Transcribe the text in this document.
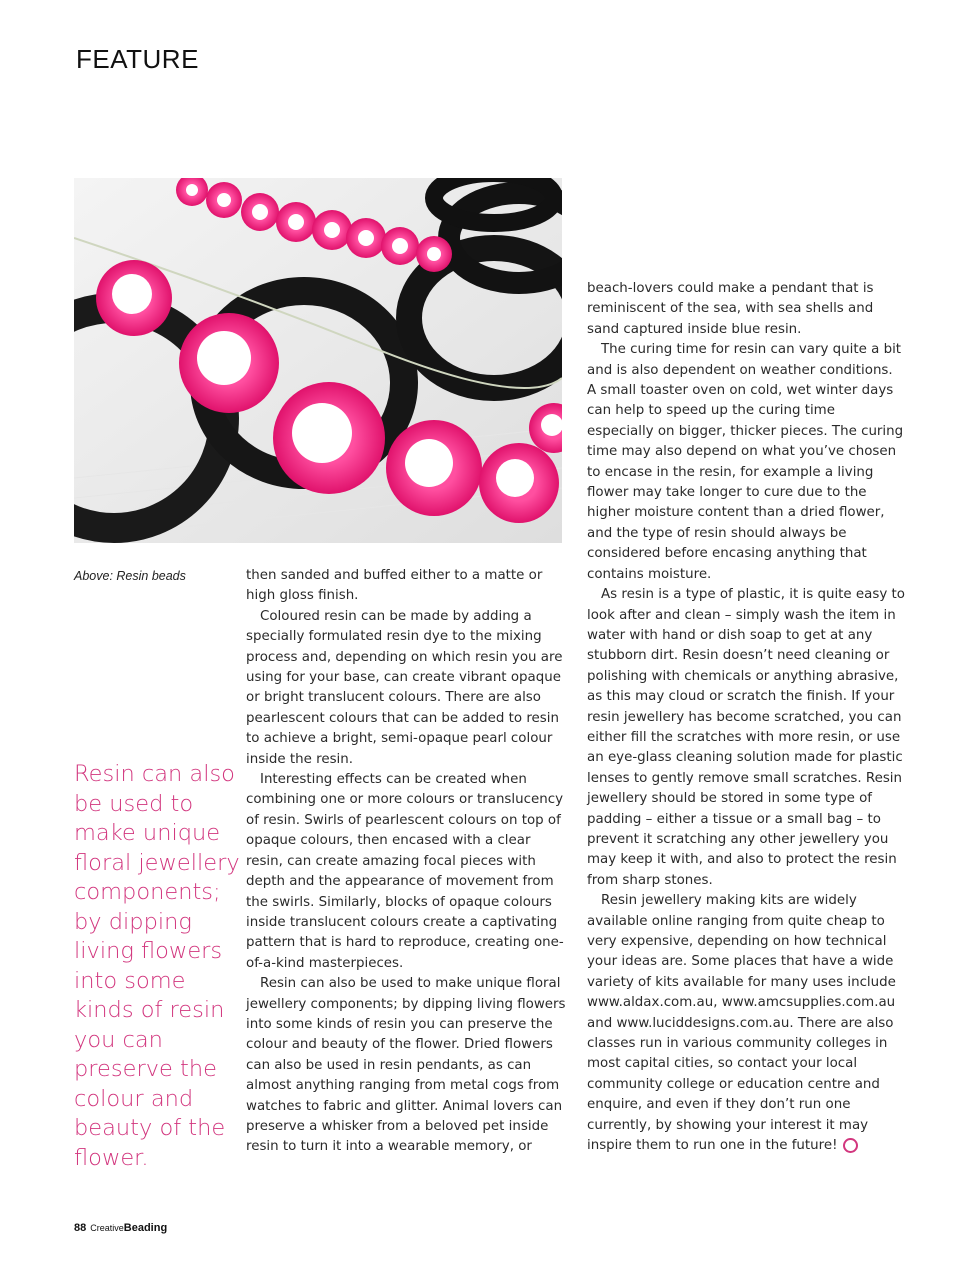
FEATURE
Above: Resin beads
Resin can also be used to make unique floral jewellery components; by dipping living flowers into some kinds of resin you can preserve the colour and beauty of the flower.

then sanded and buffed either to a matte or high gloss finish.

Coloured resin can be made by adding a specially formulated resin dye to the mixing process and, depending on which resin you are using for your base, can create vibrant opaque or bright translucent colours. There are also pearlescent colours that can be added to resin to achieve a bright, semi-opaque pearl colour inside the resin.

Interesting effects can be created when combining one or more colours or translucency of resin. Swirls of pearlescent colours on top of opaque colours, then encased with a clear resin, can create amazing focal pieces with depth and the appearance of movement from the swirls. Similarly, blocks of opaque colours inside translucent colours create a captivating pattern that is hard to reproduce, creating one-of-a-kind masterpieces.

Resin can also be used to make unique floral jewellery components; by dipping living flowers into some kinds of resin you can preserve the colour and beauty of the flower. Dried flowers can also be used in resin pendants, as can almost anything ranging from metal cogs from watches to fabric and glitter. Animal lovers can preserve a whisker from a beloved pet inside resin to turn it into a wearable memory, or

beach-lovers could make a pendant that is reminiscent of the sea, with sea shells and sand captured inside blue resin.

The curing time for resin can vary quite a bit and is also dependent on weather conditions. A small toaster oven on cold, wet winter days can help to speed up the curing time especially on bigger, thicker pieces. The curing time may also depend on what you’ve chosen to encase in the resin, for example a living flower may take longer to cure due to the higher moisture content than a dried flower, and the type of resin should always be considered before encasing anything that contains moisture.

As resin is a type of plastic, it is quite easy to look after and clean – simply wash the item in water with hand or dish soap to get at any stubborn dirt. Resin doesn’t need cleaning or polishing with chemicals or anything abrasive, as this may cloud or scratch the finish. If your resin jewellery has become scratched, you can either fill the scratches with more resin, or use an eye-glass cleaning solution made for plastic lenses to gently remove small scratches. Resin jewellery should be stored in some type of padding – either a tissue or a small bag – to prevent it scratching any other jewellery you may keep it with, and also to protect the resin from sharp stones.

Resin jewellery making kits are widely available online ranging from quite cheap to very expensive, depending on how technical your ideas are. Some places that have a wide variety of kits available for many uses include www.aldax.com.au, www.amcsupplies.com.au and www.luciddesigns.com.au. There are also classes run in various community colleges in most capital cities, so contact your local community college or education centre and enquire, and even if they don’t run one currently, by showing your interest it may inspire them to run one in the future!

88 CreativeBeading
